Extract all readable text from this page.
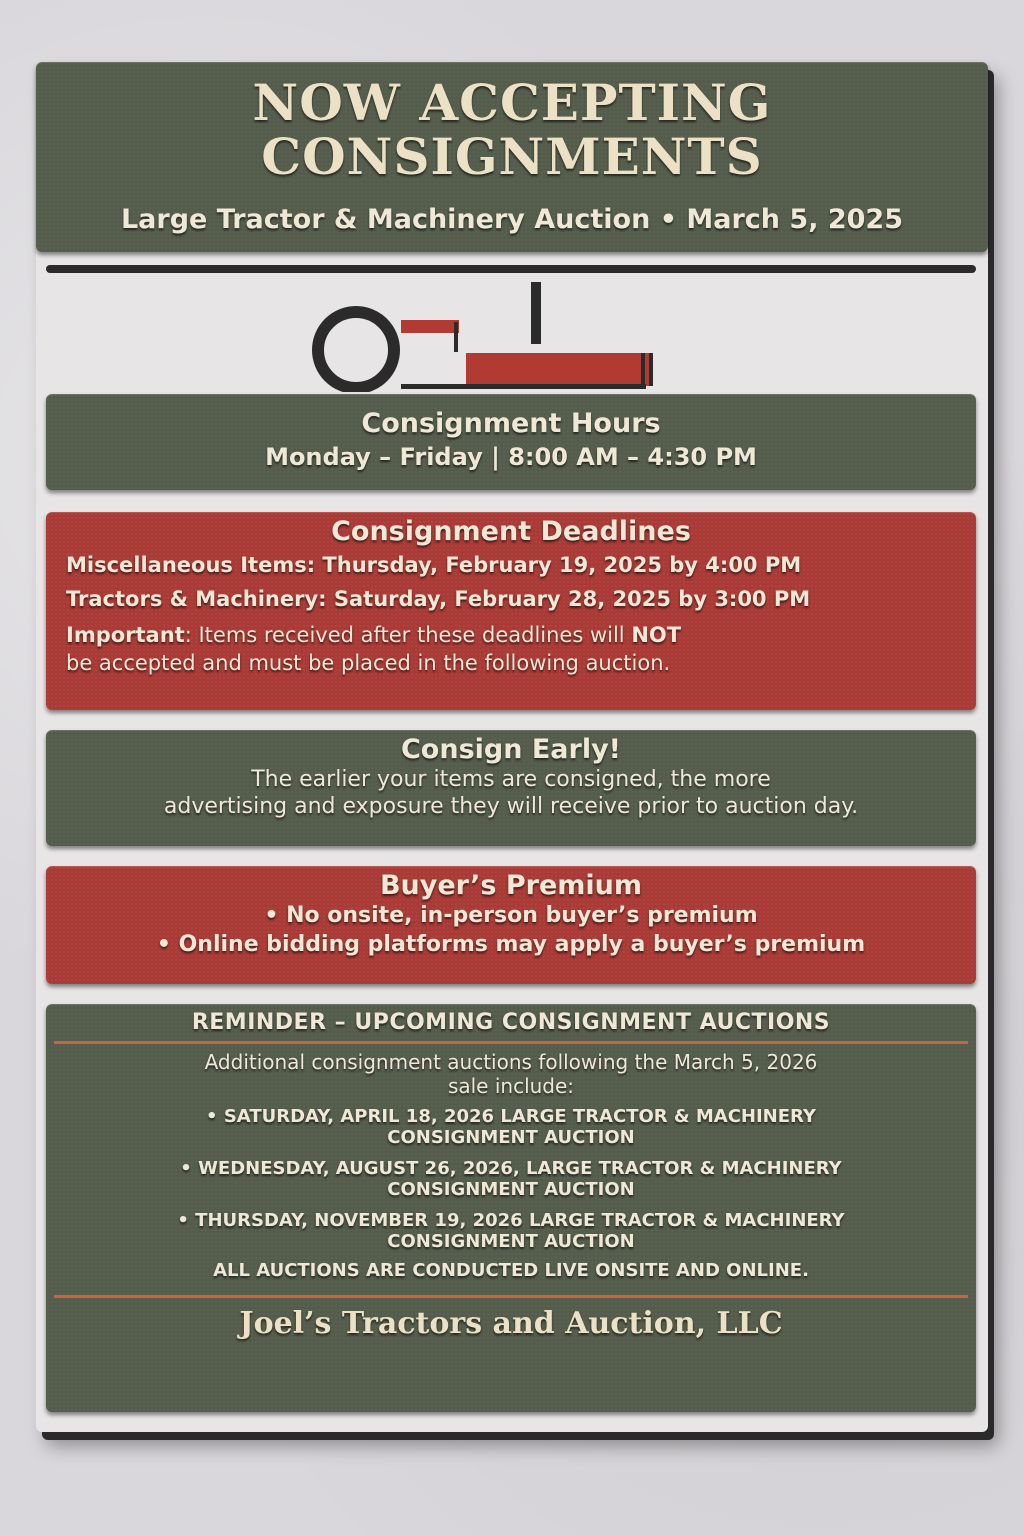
NOW ACCEPTING
CONSIGNMENTS
Large Tractor & Machinery Auction • March 5, 2025
Consignment Hours
Monday – Friday | 8:00 AM – 4:30 PM
Consignment Deadlines
Miscellaneous Items: Thursday, February 19, 2025 by 4:00 PM
Tractors & Machinery: Saturday, February 28, 2025 by 3:00 PM
Important: Items received after these deadlines will NOT
be accepted and must be placed in the following auction.
Consign Early!
The earlier your items are consigned, the more
advertising and exposure they will receive prior to auction day.
Buyer’s Premium
• No onsite, in-person buyer’s premium
• Online bidding platforms may apply a buyer’s premium
REMINDER – UPCOMING CONSIGNMENT AUCTIONS
Additional consignment auctions following the March 5, 2026
sale include:
• SATURDAY, APRIL 18, 2026 LARGE TRACTOR & MACHINERY
CONSIGNMENT AUCTION
• WEDNESDAY, AUGUST 26, 2026, LARGE TRACTOR & MACHINERY
CONSIGNMENT AUCTION
• THURSDAY, NOVEMBER 19, 2026 LARGE TRACTOR & MACHINERY
CONSIGNMENT AUCTION
ALL AUCTIONS ARE CONDUCTED LIVE ONSITE AND ONLINE.
Joel’s Tractors and Auction, LLC
